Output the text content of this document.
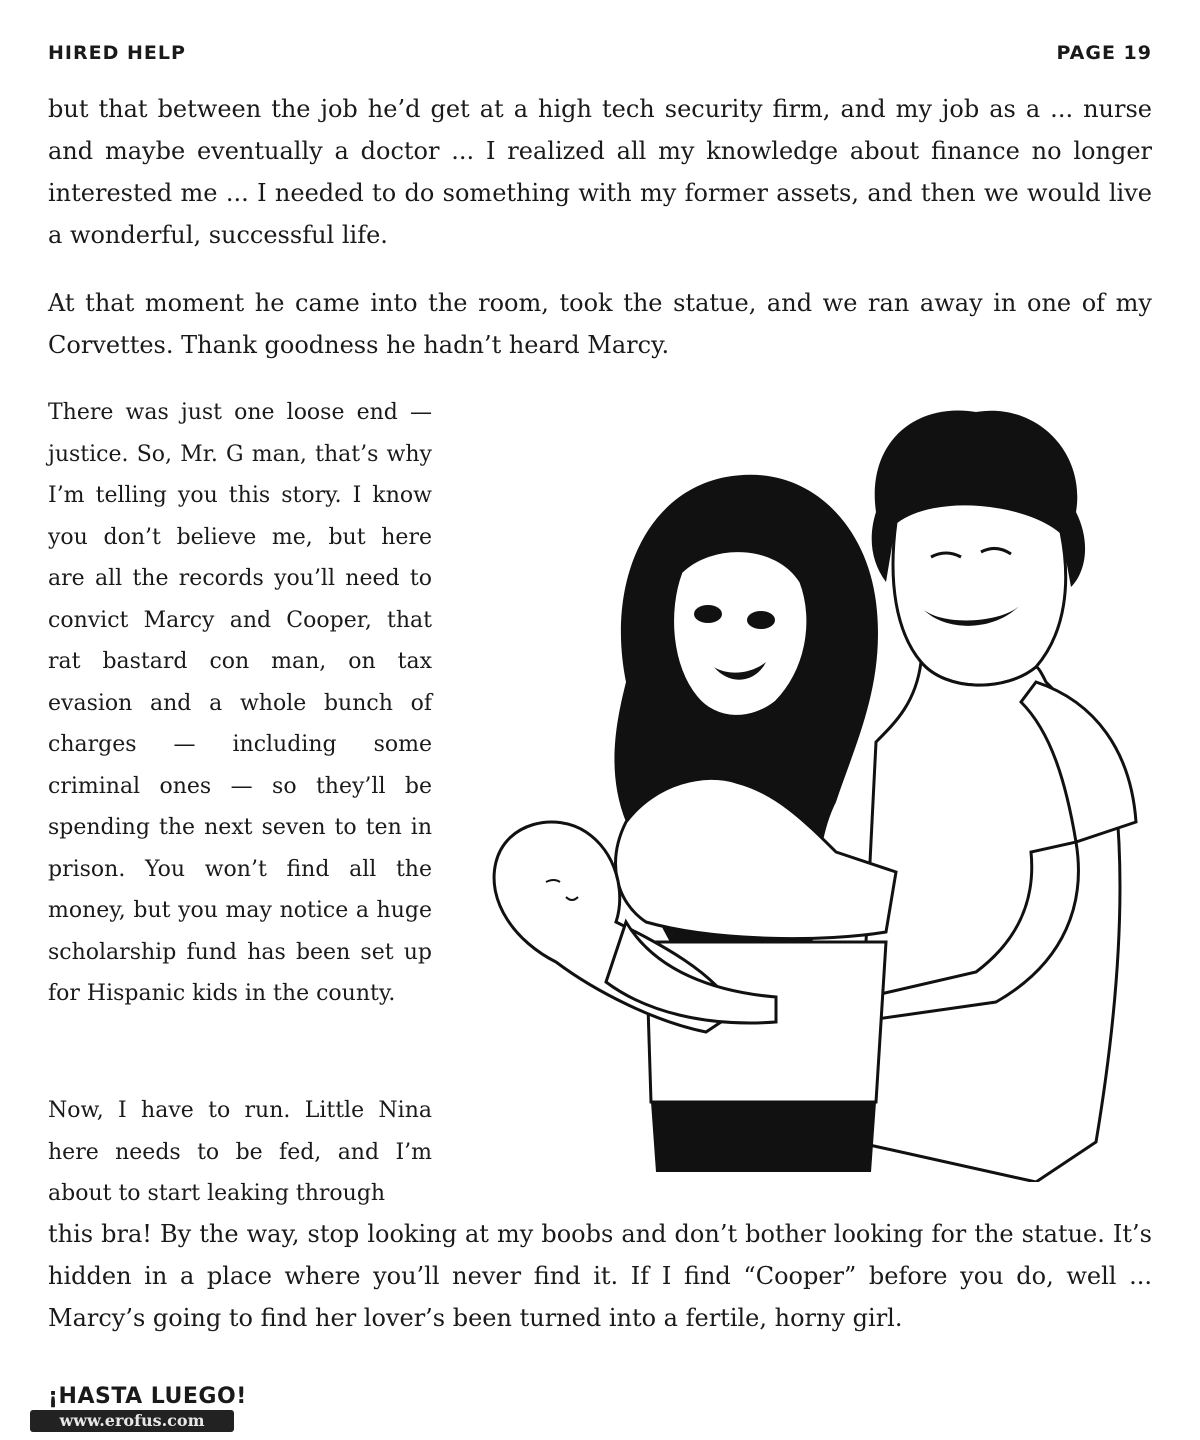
HIRED HELP	PAGE 19

but that between the job he’d get at a high tech security firm, and my job as a ... nurse and maybe eventually a doctor ... I realized all my knowledge about finance no longer interested me ... I needed to do something with my former assets, and then we would live a wonderful, successful life.

At that moment he came into the room, took the statue, and we ran away in one of my Corvettes. Thank goodness he hadn’t heard Marcy.

There was just one loose end — justice. So, Mr. G man, that’s why I’m telling you this story. I know you don’t believe me, but here are all the records you’ll need to convict Marcy and Cooper, that rat bastard con man, on tax evasion and a whole bunch of charges — including some criminal ones — so they’ll be spending the next seven to ten in prison. You won’t find all the money, but you may notice a huge scholarship fund has been set up for Hispanic kids in the county.

Now, I have to run. Little Nina here needs to be fed, and I’m about to start leaking through

this bra! By the way, stop looking at my boobs and don’t bother looking for the statue. It’s hidden in a place where you’ll never find it. If I find “Cooper” before you do, well ... Marcy’s going to find her lover’s been turned into a fertile, horny girl.

¡HASTA LUEGO!
www.erofus.com
